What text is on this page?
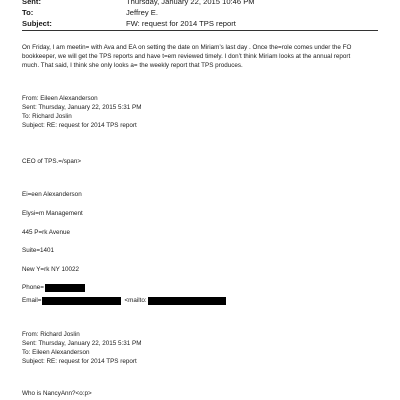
Sent:	Thursday, January 22, 2015 10:46 PM
To:	Jeffrey E.
Subject:	FW: request for 2014 TPS report
On Friday, I am meetin= with Ava and EA on setting the date on Miriam’s last day . Once the=role comes under the FO
bookkeeper, we will get the TPS reports and have t=em reviewed timely. I don’t think Miriam looks at the annual report
much. That said, I think she only looks a= the weekly report that TPS produces.
From: Eileen Alexanderson
Sent: Thursday, January 22, 2015 5:31 PM
To: Richard Joslin
Subject: RE: request for 2014 TPS report
CEO of TPS.=/span>
Ei=een Alexanderson
Elysi=m Management
445 P=rk Avenue
Suite=1401
New Y=rk NY 10022
Phone=
Email=	<mailto:
From: Richard Joslin
Sent: Thursday, January 22, 2015 5:31 PM
To: Eileen Alexanderson
Subject: RE: request for 2014 TPS report
Who is NancyAnn?<o:p>
